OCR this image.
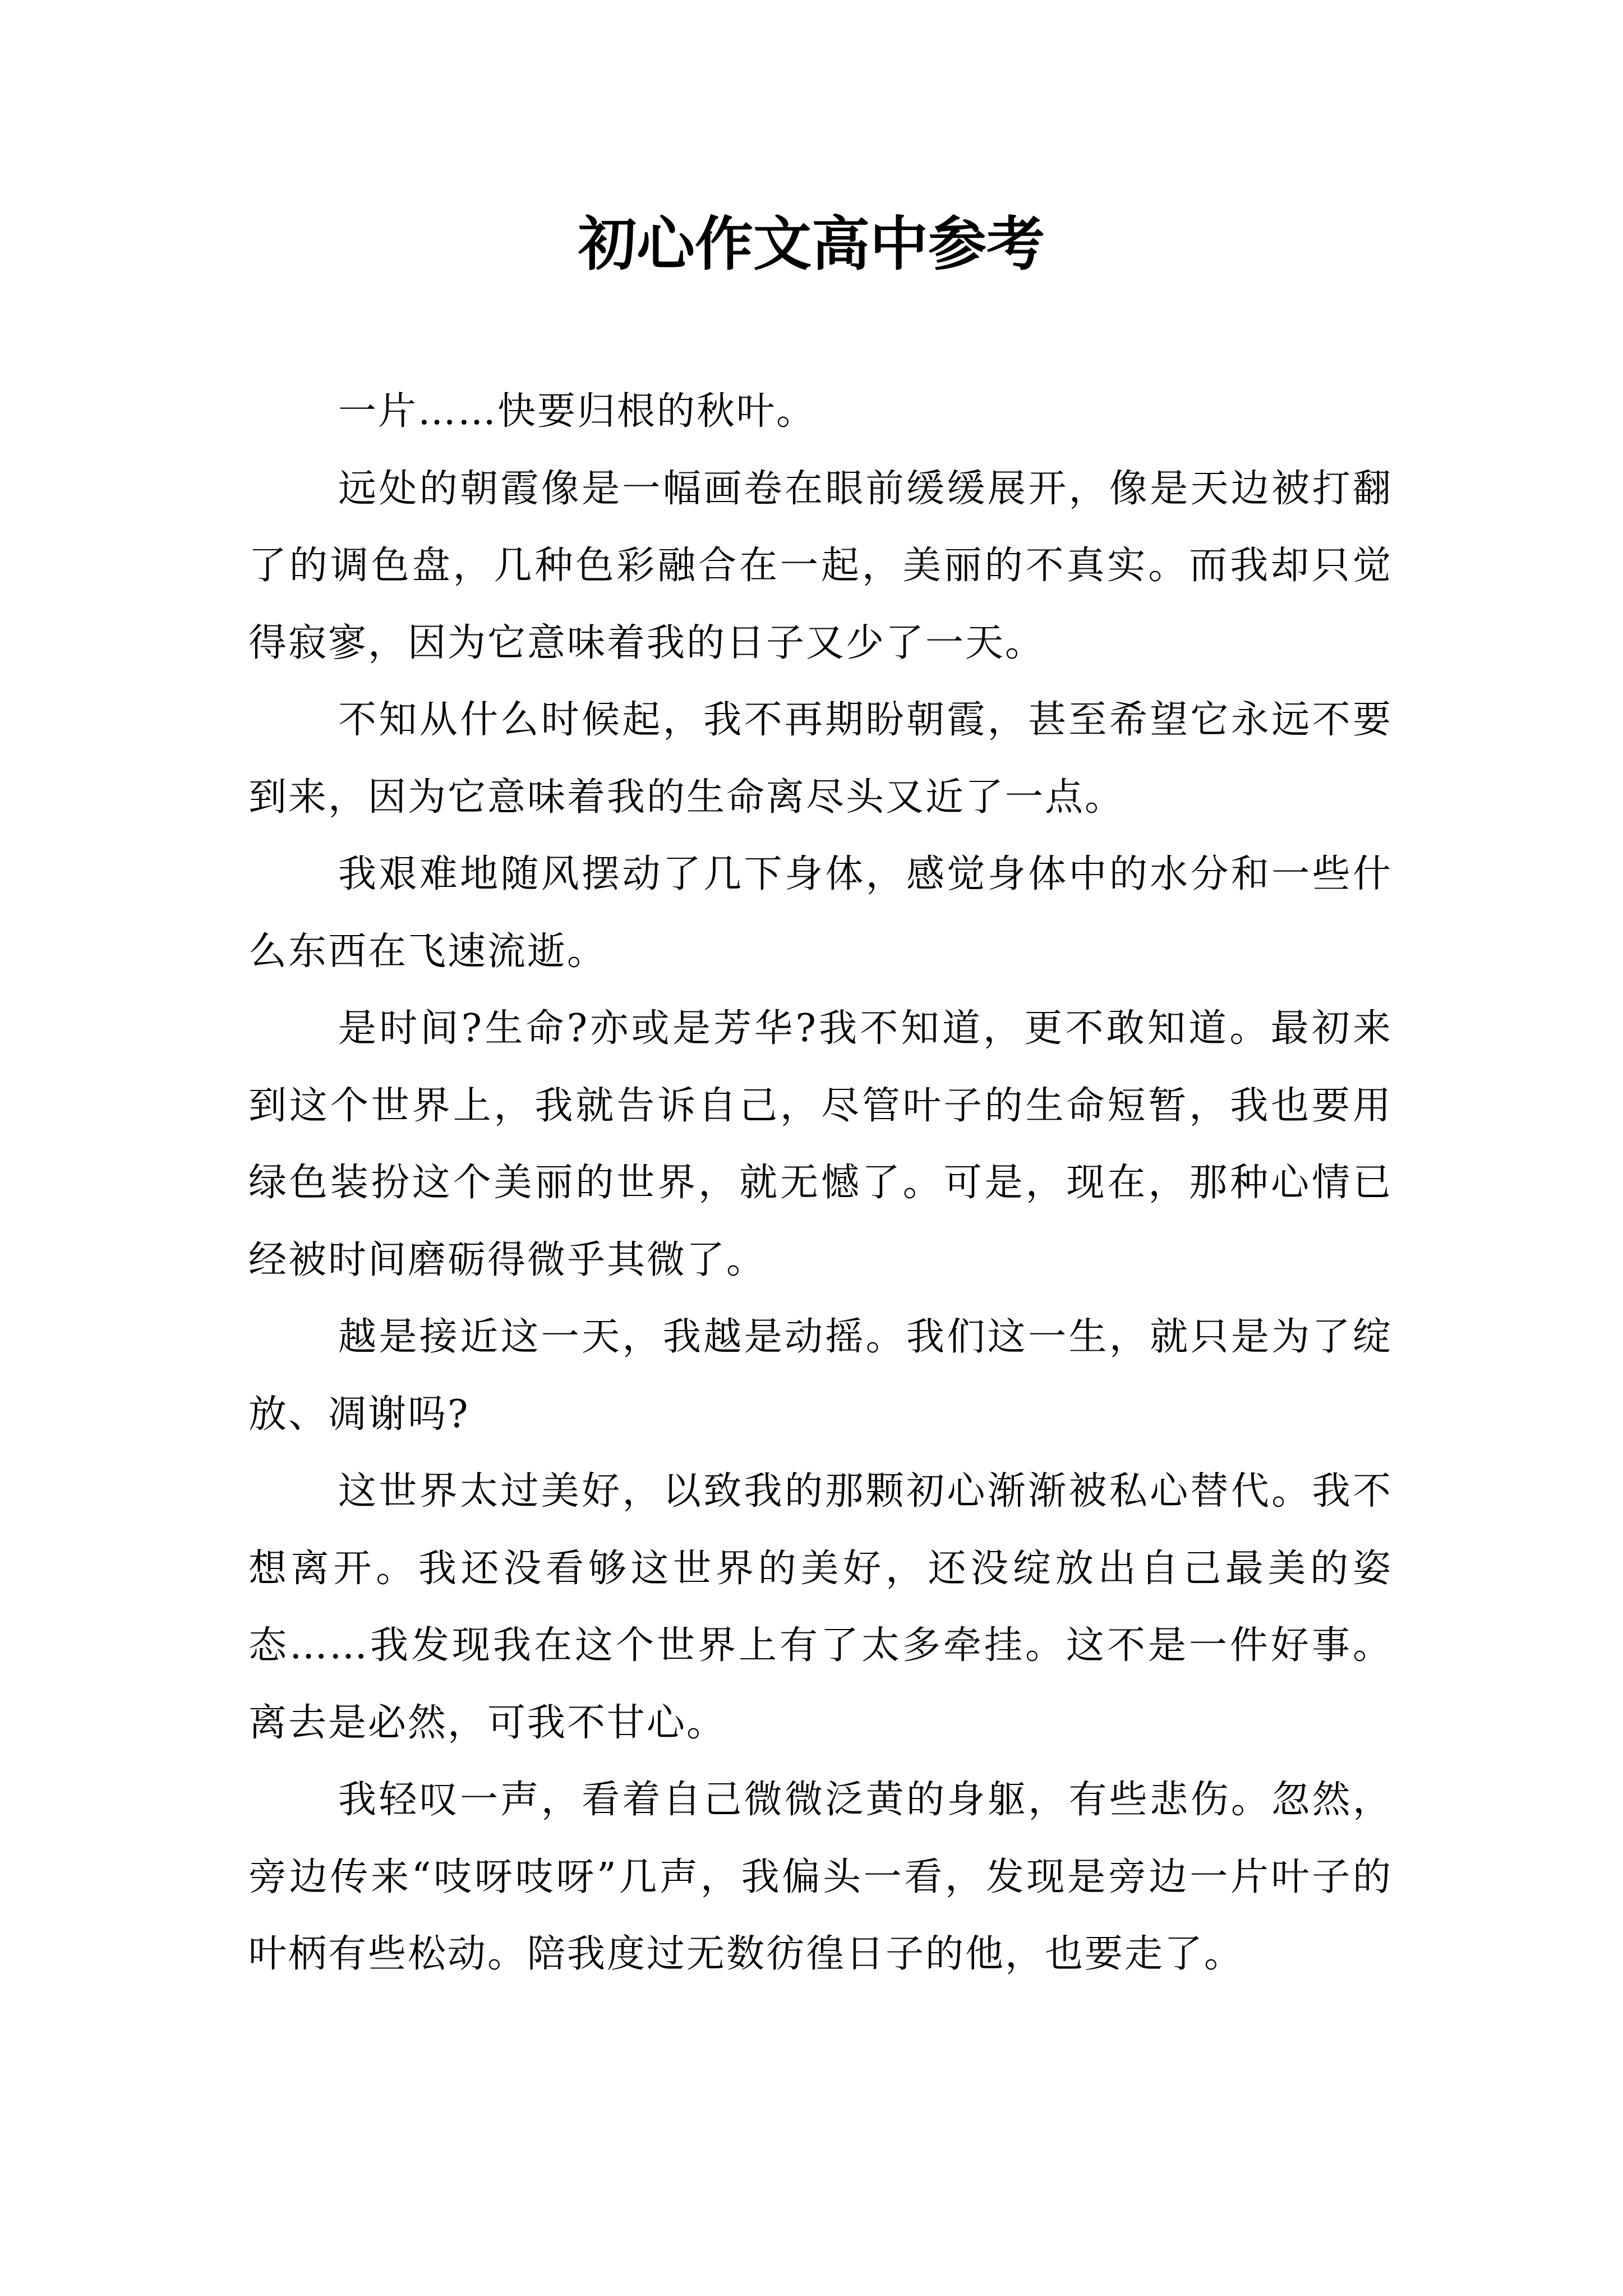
初心作文高中参考

一片……快要归根的秋叶。

远处的朝霞像是一幅画卷在眼前缓缓展开，像是天边被打翻了的调色盘，几种色彩融合在一起，美丽的不真实。而我却只觉得寂寥，因为它意味着我的日子又少了一天。

不知从什么时候起，我不再期盼朝霞，甚至希望它永远不要到来，因为它意味着我的生命离尽头又近了一点。

我艰难地随风摆动了几下身体，感觉身体中的水分和一些什么东西在飞速流逝。

是时间?生命?亦或是芳华?我不知道，更不敢知道。最初来到这个世界上，我就告诉自己，尽管叶子的生命短暂，我也要用绿色装扮这个美丽的世界，就无憾了。可是，现在，那种心情已经被时间磨砺得微乎其微了。

越是接近这一天，我越是动摇。我们这一生，就只是为了绽放、凋谢吗?

这世界太过美好，以致我的那颗初心渐渐被私心替代。我不想离开。我还没看够这世界的美好，还没绽放出自己最美的姿态……我发现我在这个世界上有了太多牵挂。这不是一件好事。离去是必然，可我不甘心。

我轻叹一声，看着自己微微泛黄的身躯，有些悲伤。忽然，旁边传来“吱呀吱呀”几声，我偏头一看，发现是旁边一片叶子的叶柄有些松动。陪我度过无数彷徨日子的他，也要走了。
